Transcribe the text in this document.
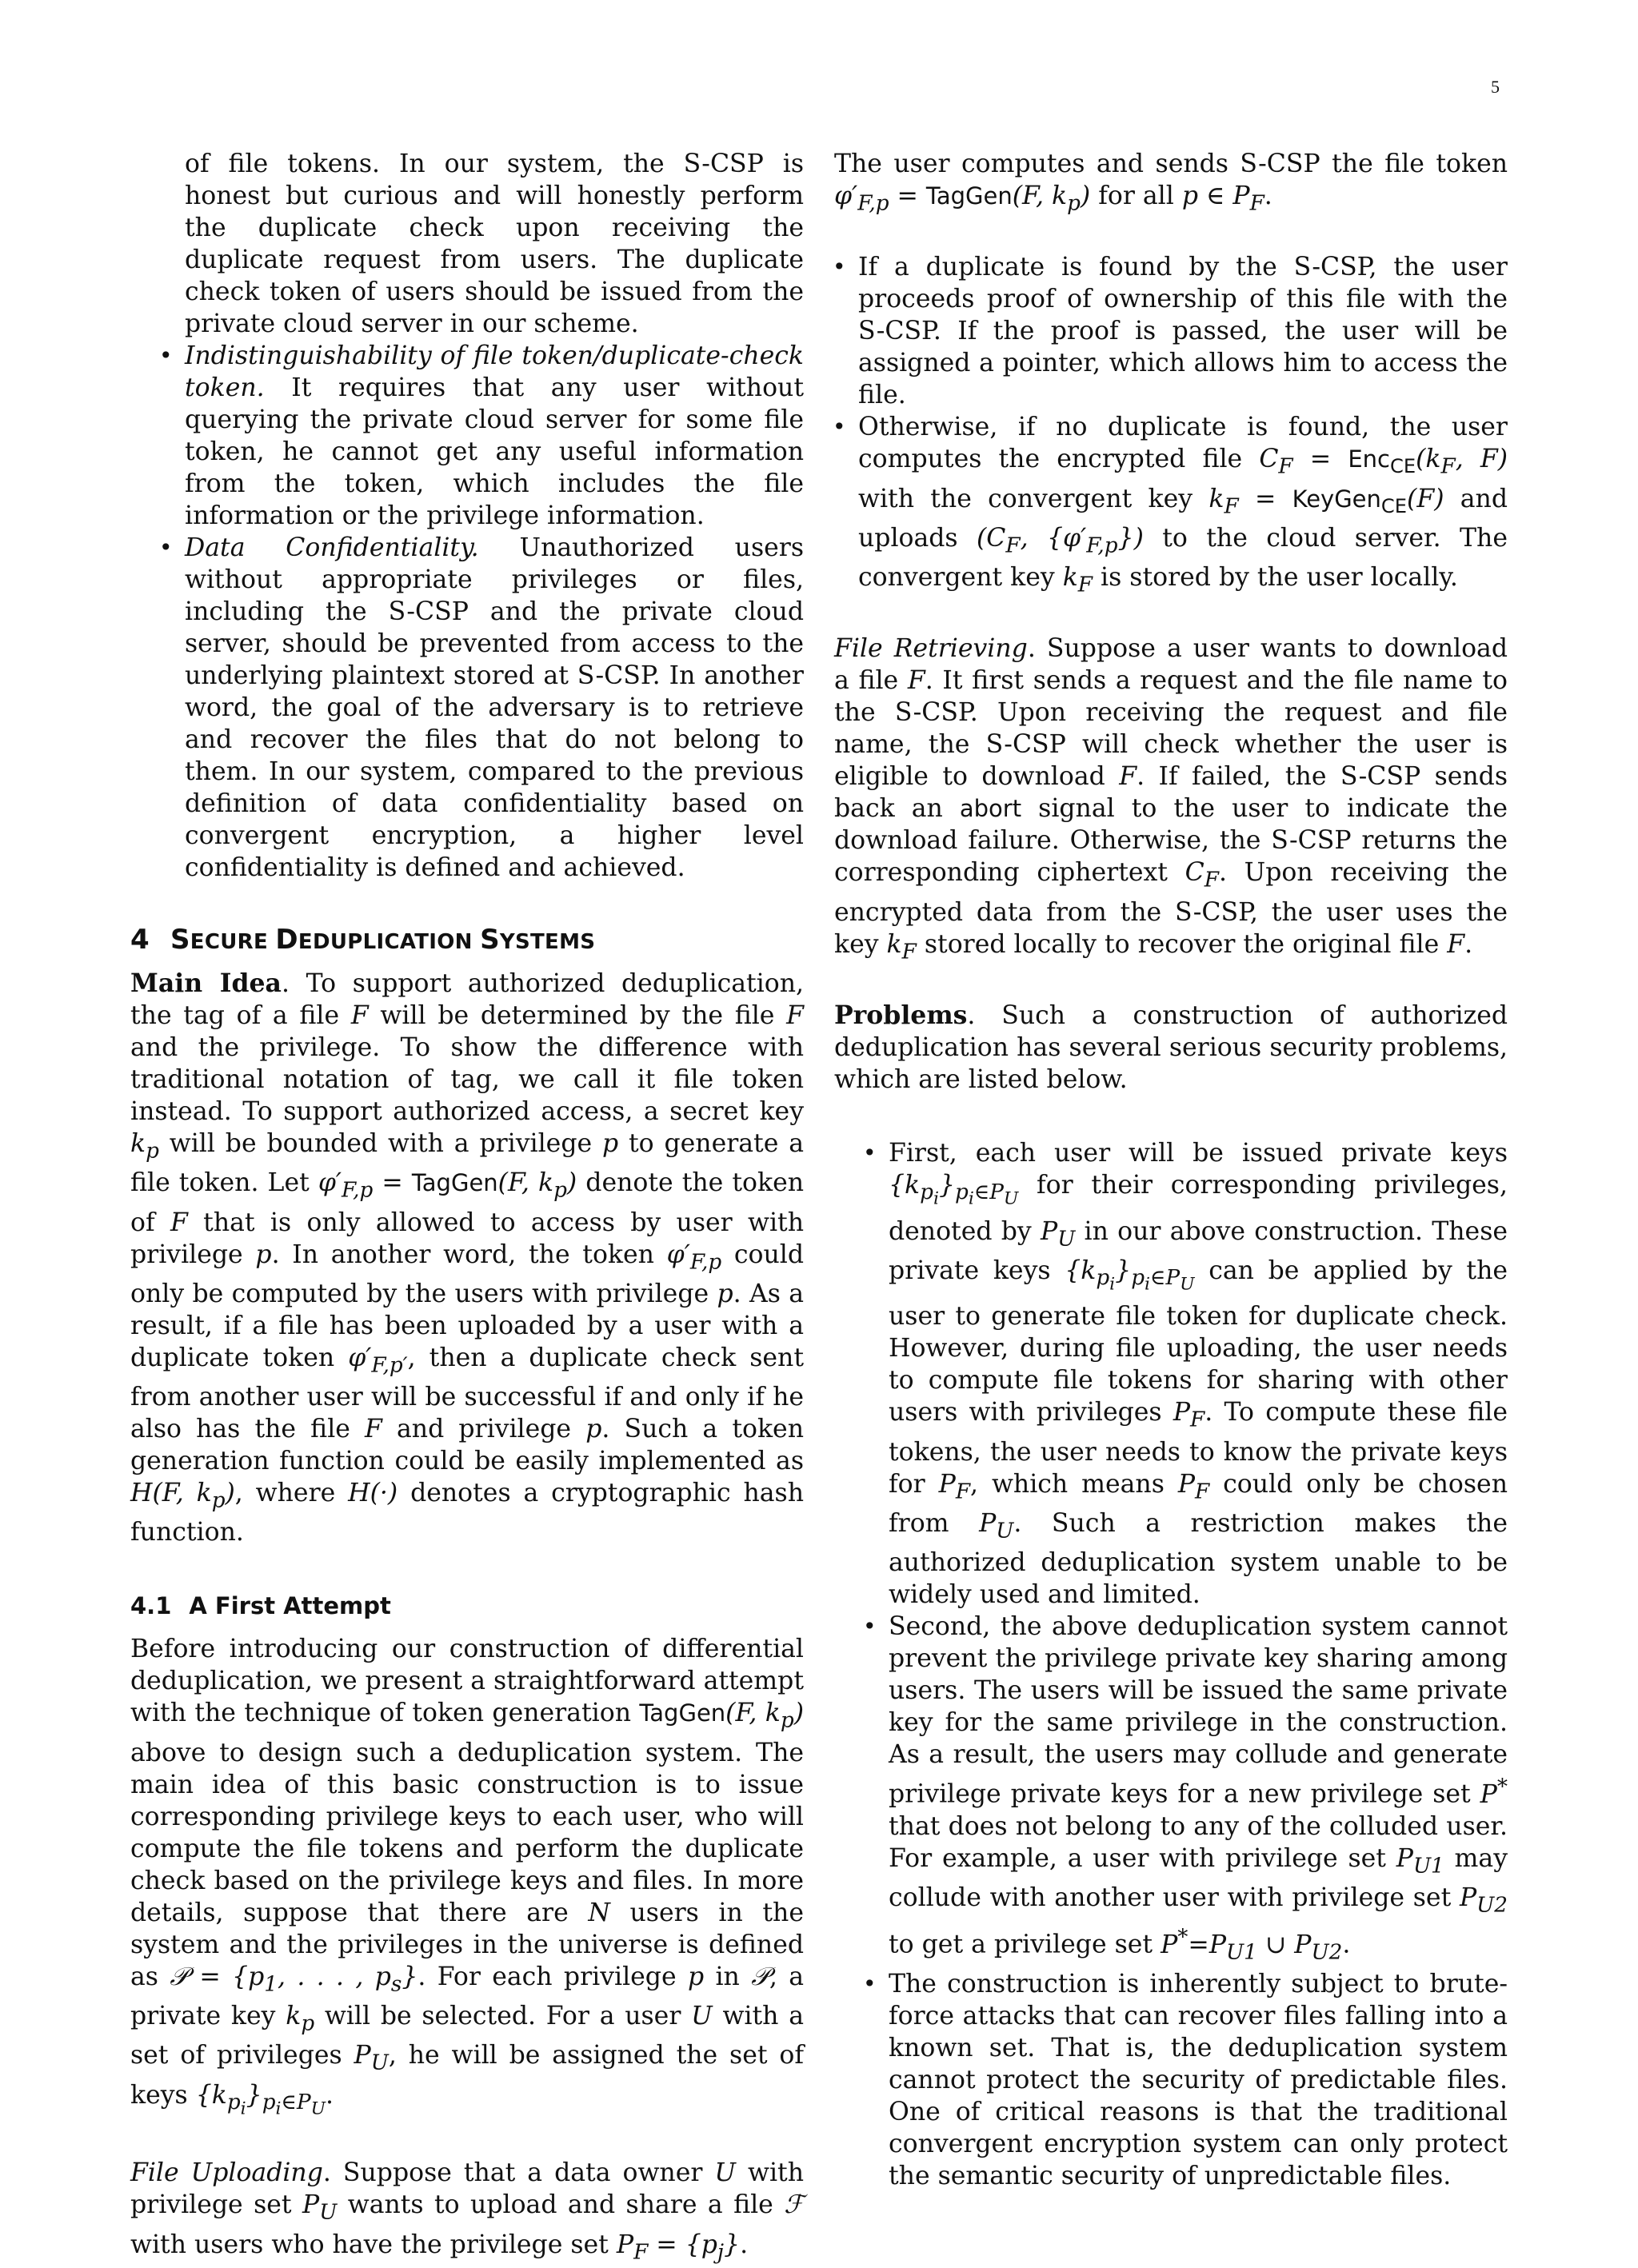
5
of file tokens. In our system, the S-CSP is honest but curious and will honestly perform the duplicate check upon receiving the duplicate request from users. The duplicate check token of users should be issued from the private cloud server in our scheme.
• Indistinguishability of file token/duplicate-check token. It requires that any user without querying the private cloud server for some file token, he cannot get any useful information from the token, which includes the file information or the privilege information.
• Data Confidentiality. Unauthorized users without appropriate privileges or files, including the S-CSP and the private cloud server, should be prevented from access to the underlying plaintext stored at S-CSP. In another word, the goal of the adversary is to retrieve and recover the files that do not belong to them. In our system, compared to the previous definition of data confidentiality based on convergent encryption, a higher level confidentiality is defined and achieved.
4 SECURE DEDUPLICATION SYSTEMS

Main Idea. To support authorized deduplication, the tag of a file F will be determined by the file F and the privilege. To show the difference with traditional notation of tag, we call it file token instead. To support authorized access, a secret key $k_p$ will be bounded with a privilege p to generate a file token. Let $\varphi'_{F,p}$ = TagGen(F, $k_p$) denote the token of F that is only allowed to access by user with privilege p. In another word, the token $\varphi'_{F,p}$ could only be computed by the users with privilege p. As a result, if a file has been uploaded by a user with a duplicate token $\varphi'_{F,p'}$, then a duplicate check sent from another user will be successful if and only if he also has the file F and privilege p. Such a token generation function could be easily implemented as H(F, $k_p$), where H(·) denotes a cryptographic hash function.

4.1 A First Attempt

Before introducing our construction of differential deduplication, we present a straightforward attempt with the technique of token generation TagGen(F, $k_p$) above to design such a deduplication system. The main idea of this basic construction is to issue corresponding privilege keys to each user, who will compute the file tokens and perform the duplicate check based on the privilege keys and files. In more details, suppose that there are N users in the system and the privileges in the universe is defined as 𝒫 = {$p_1$, . . . , $p_s$}. For each privilege p in 𝒫, a private key $k_p$ will be selected. For a user U with a set of privileges $P_U$, he will be assigned the set of keys $\{k_{p_i}\}_{p_i\in P_U}$.

File Uploading. Suppose that a data owner U with privilege set $P_U$ wants to upload and share a file ℱ with users who have the privilege set $P_F = \{p_j\}$.

The user computes and sends S-CSP the file token $\varphi'_{F,p}$ = TagGen(F, $k_p$) for all p ∈ $P_F$.

• If a duplicate is found by the S-CSP, the user proceeds proof of ownership of this file with the S-CSP. If the proof is passed, the user will be assigned a pointer, which allows him to access the file.
• Otherwise, if no duplicate is found, the user computes the encrypted file $C_F = Enc_{CE}(k_F$, F) with the convergent key $k_F$ = KeyGen$_{CE}$(F) and uploads ($C_F$, $\{\varphi'_{F,p}\}$) to the cloud server. The convergent key $k_F$ is stored by the user locally.

File Retrieving. Suppose a user wants to download a file F. It first sends a request and the file name to the S-CSP. Upon receiving the request and file name, the S-CSP will check whether the user is eligible to download F. If failed, the S-CSP sends back an abort signal to the user to indicate the download failure. Otherwise, the S-CSP returns the corresponding ciphertext $C_F$. Upon receiving the encrypted data from the S-CSP, the user uses the key $k_F$ stored locally to recover the original file F.

Problems. Such a construction of authorized deduplication has several serious security problems, which are listed below.

• First, each user will be issued private keys $\{k_{p_i}\}_{p_i\in P_U}$ for their corresponding privileges, denoted by $P_U$ in our above construction. These private keys $\{k_{p_i}\}_{p_i\in P_U}$ can be applied by the user to generate file token for duplicate check. However, during file uploading, the user needs to compute file tokens for sharing with other users with privileges $P_F$. To compute these file tokens, the user needs to know the private keys for $P_F$, which means $P_F$ could only be chosen from $P_U$. Such a restriction makes the authorized deduplication system unable to be widely used and limited.
• Second, the above deduplication system cannot prevent the privilege private key sharing among users. The users will be issued the same private key for the same privilege in the construction. As a result, the users may collude and generate privilege private keys for a new privilege set P* that does not belong to any of the colluded user. For example, a user with privilege set $P_{U1}$ may collude with another user with privilege set $P_{U2}$ to get a privilege set $P^*=P_{U1}$ ∪ $P_{U2}$.
• The construction is inherently subject to brute-force attacks that can recover files falling into a known set. That is, the deduplication system cannot protect the security of predictable files. One of critical reasons is that the traditional convergent encryption system can only protect the semantic security of unpredictable files.
